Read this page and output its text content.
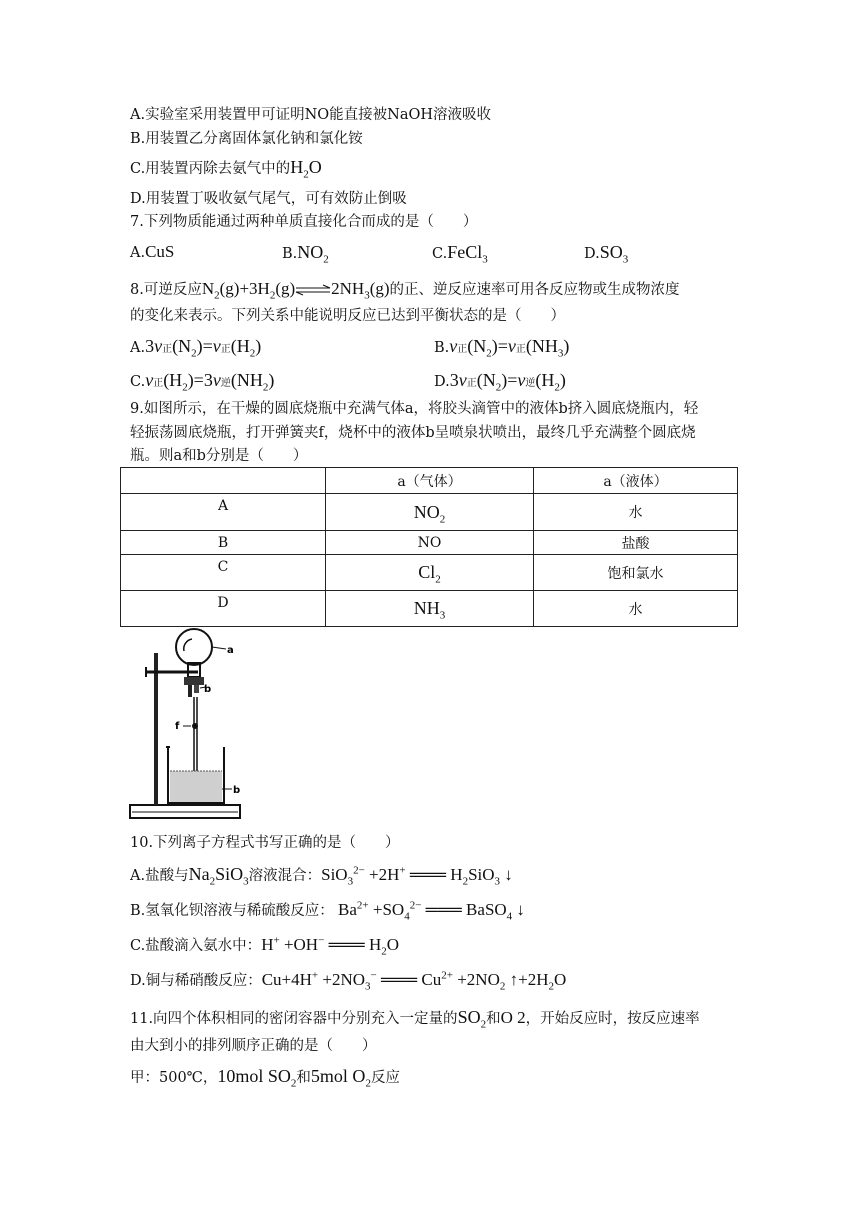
A.实验室采用装置甲可证明NO能直接被NaOH溶液吸收
B.用装置乙分离固体氯化钠和氯化铵
C.用装置丙除去氨气中的$H_2O$
D.用装置丁吸收氨气尾气，可有效防止倒吸
7.下列物质能通过两种单质直接化合而成的是（　　）
A.CuS	$B.NO_2$	C.FeCl$_3$	$D.SO_3$
8.可逆反应$N_2(g)+3H_2(g)\rightleftharpoons 2NH_3(g)$的正、逆反应速率可用各反应物或生成物浓度
的变化来表示。下列关系中能说明反应已达到平衡状态的是（　　）
A.3v正$(N_2)=v$正$(H_2)$	B.v正$(N_2)=v$正$(NH_3)$
C.v正$(H_2)=3v$逆$(NH_2)$	D.3v正$(N_2)=v$逆$(H_2)$
9.如图所示，在干燥的圆底烧瓶中充满气体a，将胶头滴管中的液体b挤入圆底烧瓶内，轻
轻振荡圆底烧瓶，打开弹簧夹f，烧杯中的液体b呈喷泉状喷出，最终几乎充满整个圆底烧
瓶。则a和b分别是（　　）
	a（气体）	a（液体）
A	$NO_2$	水
B	NO	盐酸
C	$Cl_2$	饱和氯水
D	$NH_3$	水
a
b
f
b
10.下列离子方程式书写正确的是（　　）
A.盐酸与$Na_2SiO_3$溶液混合：SiO$_3^{2-}$ +2H+ ═══ $H_2SiO_3$ ↓
B.氢氧化钡溶液与稀硫酸反应： $Ba^{2+} +SO_4^{2-}$ ═══ BaSO$_4$ ↓
C.盐酸滴入氨水中：H+ +OH− ═══ $H_2O$
D.铜与稀硝酸反应：$Cu+4H^+ +2NO_3^-$ ═══ $Cu^{2+} +2NO_2$ $↑+2H_2O$
11.向四个体积相同的密闭容器中分别充入一定量的$SO_2$和O 2，开始反应时，按反应速率
由大到小的排列顺序正确的是（　　）
甲：500℃，10mol $SO_2$和5mol $O_2$反应
